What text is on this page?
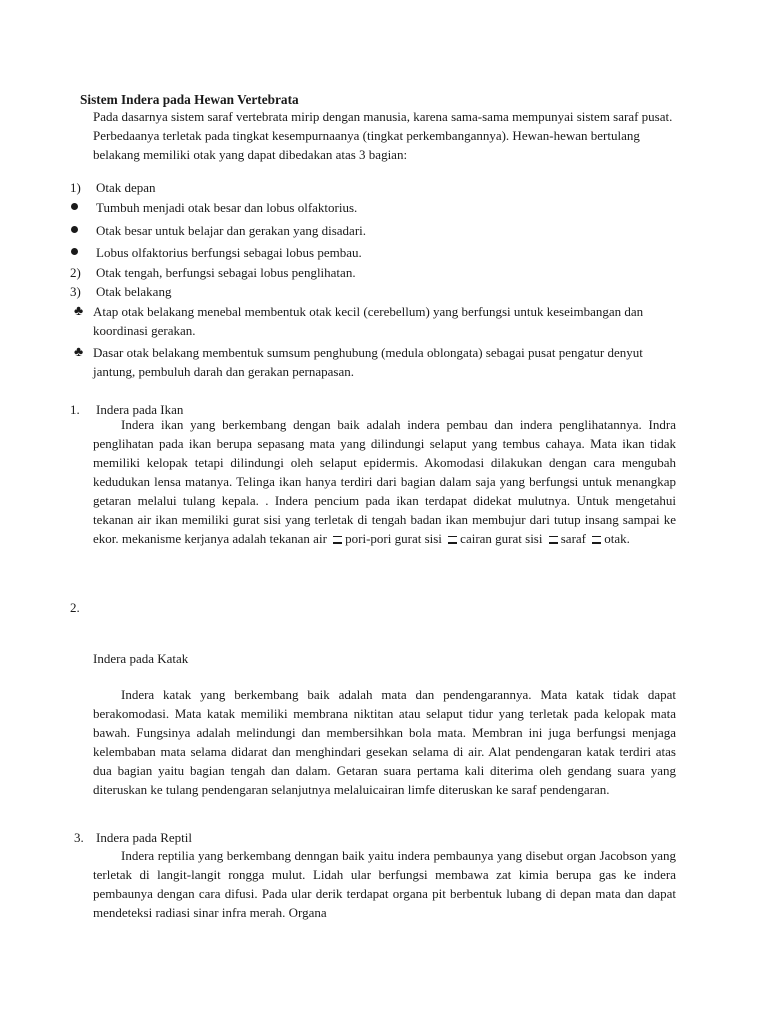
Sistem Indera pada Hewan Vertebrata
Pada dasarnya sistem saraf vertebrata mirip dengan manusia, karena sama-sama mempunyai sistem saraf pusat. Perbedaanya terletak pada tingkat kesempurnaanya (tingkat perkembangannya). Hewan-hewan bertulang belakang memiliki otak yang dapat dibedakan atas 3 bagian:
1) Otak depan
Tumbuh menjadi otak besar dan lobus olfaktorius.
Otak besar untuk belajar dan gerakan yang disadari.
Lobus olfaktorius berfungsi sebagai lobus pembau.
2) Otak tengah, berfungsi sebagai lobus penglihatan.
3) Otak belakang
♣ Atap otak belakang menebal membentuk otak kecil (cerebellum) yang berfungsi untuk keseimbangan dan koordinasi gerakan.
♣ Dasar otak belakang membentuk sumsum penghubung (medula oblongata) sebagai pusat pengatur denyut jantung, pembuluh darah dan gerakan pernapasan.
1. Indera pada Ikan
Indera ikan yang berkembang dengan baik adalah indera pembau dan indera penglihatannya. Indra penglihatan pada ikan berupa sepasang mata yang dilindungi selaput yang tembus cahaya. Mata ikan tidak memiliki kelopak tetapi dilindungi oleh selaput epidermis. Akomodasi dilakukan dengan cara mengubah kedudukan lensa matanya. Telinga ikan hanya terdiri dari bagian dalam saja yang berfungsi untuk menangkap getaran melalui tulang kepala. . Indera pencium pada ikan terdapat didekat mulutnya. Untuk mengetahui tekanan air ikan memiliki gurat sisi yang terletak di tengah badan ikan membujur dari tutup insang sampai ke ekor. mekanisme kerjanya adalah tekanan air pori-pori gurat sisi cairan gurat sisi saraf otak.
2.
Indera pada Katak
Indera katak yang berkembang baik adalah mata dan pendengarannya. Mata katak tidak dapat berakomodasi. Mata katak memiliki membrana niktitan atau selaput tidur yang terletak pada kelopak mata bawah. Fungsinya adalah melindungi dan membersihkan bola mata. Membran ini juga berfungsi menjaga kelembaban mata selama didarat dan menghindari gesekan selama di air. Alat pendengaran katak terdiri atas dua bagian yaitu bagian tengah dan dalam. Getaran suara pertama kali diterima oleh gendang suara yang diteruskan ke tulang pendengaran selanjutnya melaluicairan limfe diteruskan ke saraf pendengaran.
3. Indera pada Reptil
Indera reptilia yang berkembang denngan baik yaitu indera pembaunya yang disebut organ Jacobson yang terletak di langit-langit rongga mulut. Lidah ular berfungsi membawa zat kimia berupa gas ke indera pembaunya dengan cara difusi. Pada ular derik terdapat organa pit berbentuk lubang di depan mata dan dapat mendeteksi radiasi sinar infra merah. Organa
